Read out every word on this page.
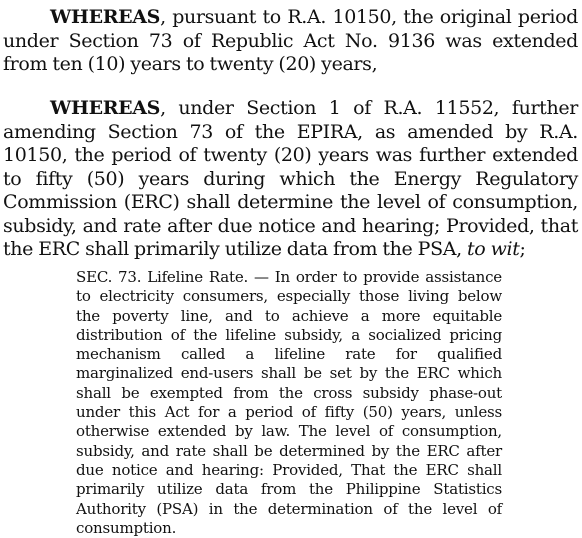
WHEREAS, pursuant to R.A. 10150, the original period under Section 73 of Republic Act No. 9136 was extended from ten (10) years to twenty (20) years,

WHEREAS, under Section 1 of R.A. 11552, further amending Section 73 of the EPIRA, as amended by R.A. 10150, the period of twenty (20) years was further extended to fifty (50) years during which the Energy Regulatory Commission (ERC) shall determine the level of consumption, subsidy, and rate after due notice and hearing; Provided, that the ERC shall primarily utilize data from the PSA, to wit;

SEC. 73. Lifeline Rate. — In order to provide assistance to electricity consumers, especially those living below the poverty line, and to achieve a more equitable distribution of the lifeline subsidy, a socialized pricing mechanism called a lifeline rate for qualified marginalized end-users shall be set by the ERC which shall be exempted from the cross subsidy phase-out under this Act for a period of fifty (50) years, unless otherwise extended by law. The level of consumption, subsidy, and rate shall be determined by the ERC after due notice and hearing: Provided, That the ERC shall primarily utilize data from the Philippine Statistics Authority (PSA) in the determination of the level of consumption.
